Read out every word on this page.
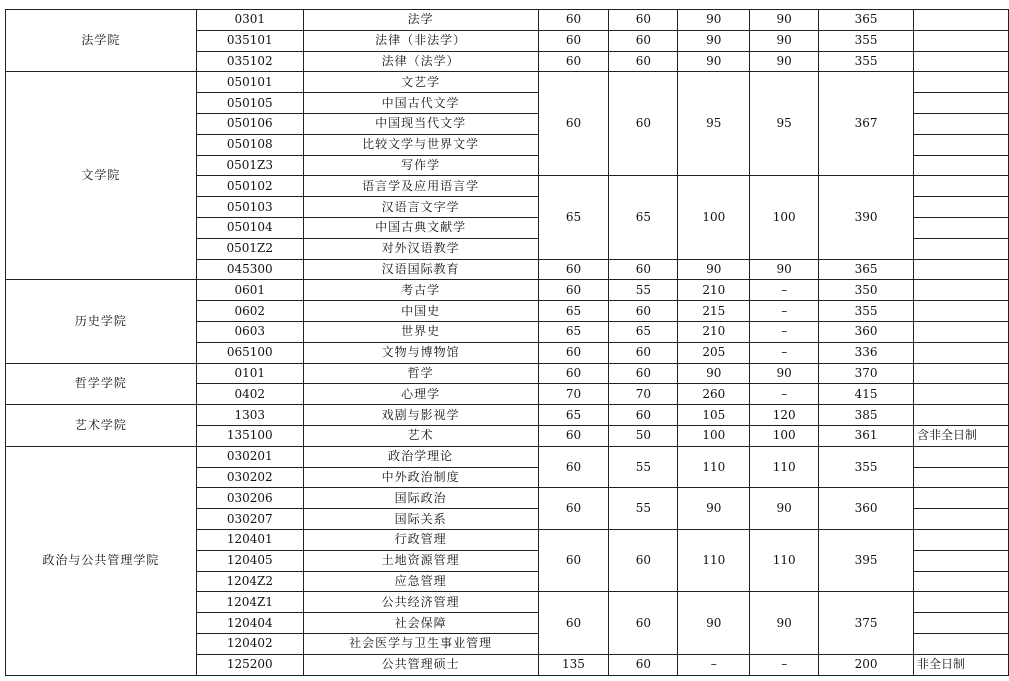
法学院	0301	法学	60	60	90	90	365	
	035101	法律（非法学）	60	60	90	90	355	
	035102	法律（法学）	60	60	90	90	355	
文学院	050101	文艺学	60	60	95	95	367	
	050105	中国古代文学						
	050106	中国现当代文学						
	050108	比较文学与世界文学						
	0501Z3	写作学						
	050102	语言学及应用语言学	65	65	100	100	390	
	050103	汉语言文字学						
	050104	中国古典文献学						
	0501Z2	对外汉语教学						
	045300	汉语国际教育	60	60	90	90	365	
历史学院	0601	考古学	60	55	210	–	350	
	0602	中国史	65	60	215	–	355	
	0603	世界史	65	65	210	–	360	
	065100	文物与博物馆	60	60	205	–	336	
哲学学院	0101	哲学	60	60	90	90	370	
	0402	心理学	70	70	260	–	415	
艺术学院	1303	戏剧与影视学	65	60	105	120	385	
	135100	艺术	60	50	100	100	361	含非全日制
政治与公共管理学院	030201	政治学理论	60	55	110	110	355	
	030202	中外政治制度						
	030206	国际政治	60	55	90	90	360	
	030207	国际关系						
	120401	行政管理	60	60	110	110	395	
	120405	土地资源管理						
	1204Z2	应急管理						
	1204Z1	公共经济管理	60	60	90	90	375	
	120404	社会保障						
	120402	社会医学与卫生事业管理						
	125200	公共管理硕士	135	60	–	–	200	非全日制
